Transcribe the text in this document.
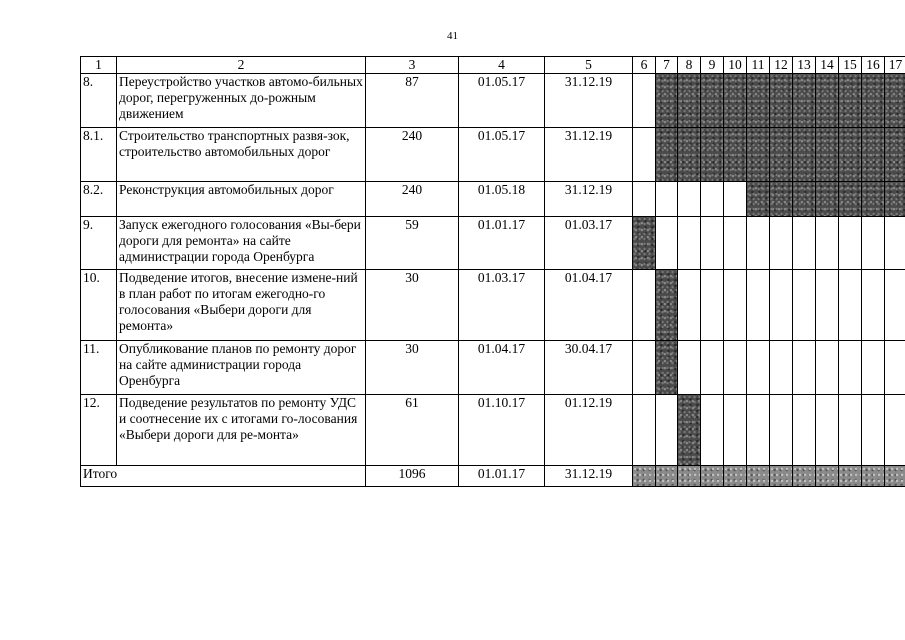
41
1	2	3	4	5	6	7	8	9	10	11	12	13	14	15	16	17
8.	Переустройство участков автомо-бильных дорог, перегруженных до-рожным движением	87	01.05.17	31.12.19												
8.1.	Строительство транспортных развя-зок, строительство автомобильных дорог	240	01.05.17	31.12.19												
8.2.	Реконструкция автомобильных дорог	240	01.05.18	31.12.19												
9.	Запуск ежегодного голосования «Вы-бери дороги для ремонта» на сайте администрации города Оренбурга	59	01.01.17	01.03.17												
10.	Подведение итогов, внесение измене-ний в план работ по итогам ежегодно-го голосования «Выбери дороги для ремонта»	30	01.03.17	01.04.17												
11.	Опубликование планов по ремонту дорог на сайте администрации города Оренбурга	30	01.04.17	30.04.17												
12.	Подведение результатов по ремонту УДС и соотнесение их с итогами го-лосования «Выбери дороги для ре-монта»	61	01.10.17	01.12.19												
Итого		1096	01.01.17	31.12.19												
